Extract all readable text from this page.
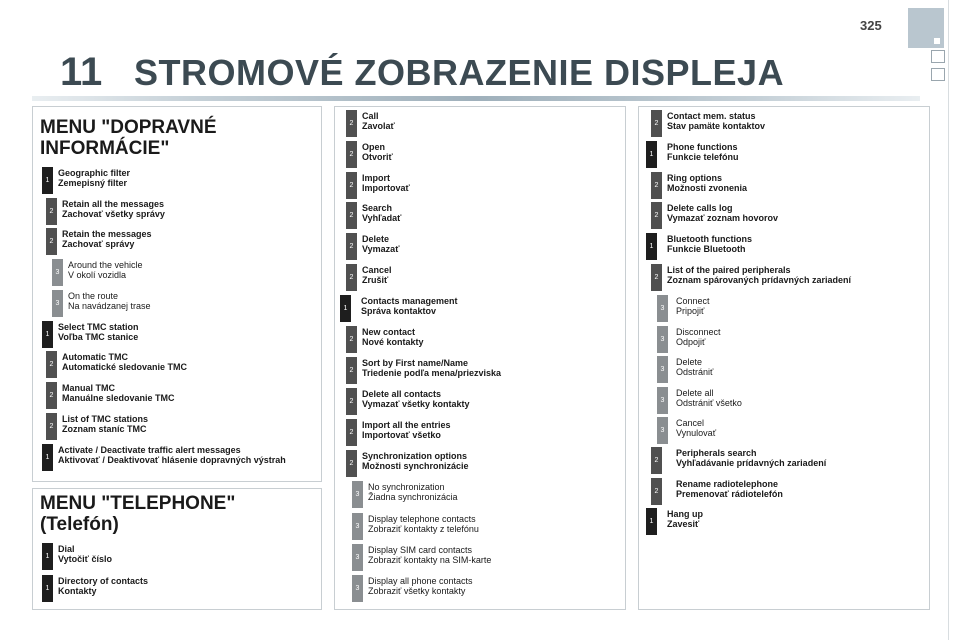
325
11 STROMOVÉ ZOBRAZENIE DISPLEJA
MENU "DOPRAVNÉ
INFORMÁCIE"
MENU "TELEPHONE"
(Telefón)
1
Geographic filter
Zemepisný filter
2
Retain all the messages
Zachovať všetky správy
2
Retain the messages
Zachovať správy
3
Around the vehicle
V okolí vozidla
3
On the route
Na navádzanej trase
1
Select TMC station
Voľba TMC stanice
2
Automatic TMC
Automatické sledovanie TMC
2
Manual TMC
Manuálne sledovanie TMC
2
List of TMC stations
Zoznam staníc TMC
1
Activate / Deactivate traffic alert messages
Aktivovať / Deaktivovať hlásenie dopravných výstrah
1
Dial
Vytočiť číslo
1
Directory of contacts
Kontakty
2
Call
Zavolať
2
Open
Otvoriť
2
Import
Importovať
2
Search
Vyhľadať
2
Delete
Vymazať
2
Cancel
Zrušiť
1
Contacts management
Správa kontaktov
2
New contact
Nové kontakty
2
Sort by First name/Name
Triedenie podľa mena/priezviska
2
Delete all contacts
Vymazať všetky kontakty
2
Import all the entries
Importovať všetko
2
Synchronization options
Možnosti synchronizácie
3
No synchronization
Žiadna synchronizácia
3
Display telephone contacts
Zobraziť kontakty z telefónu
3
Display SIM card contacts
Zobraziť kontakty na SIM-karte
3
Display all phone contacts
Zobraziť všetky kontakty
2
Contact mem. status
Stav pamäte kontaktov
1
Phone functions
Funkcie telefónu
2
Ring options
Možnosti zvonenia
2
Delete calls log
Vymazať zoznam hovorov
1
Bluetooth functions
Funkcie Bluetooth
2
List of the paired peripherals
Zoznam spárovaných prídavných zariadení
3
Connect
Pripojiť
3
Disconnect
Odpojiť
3
Delete
Odstrániť
3
Delete all
Odstrániť všetko
3
Cancel
Vynulovať
2
Peripherals search
Vyhľadávanie prídavných zariadení
2
Rename radiotelephone
Premenovať rádiotelefón
1
Hang up
Zavesiť
